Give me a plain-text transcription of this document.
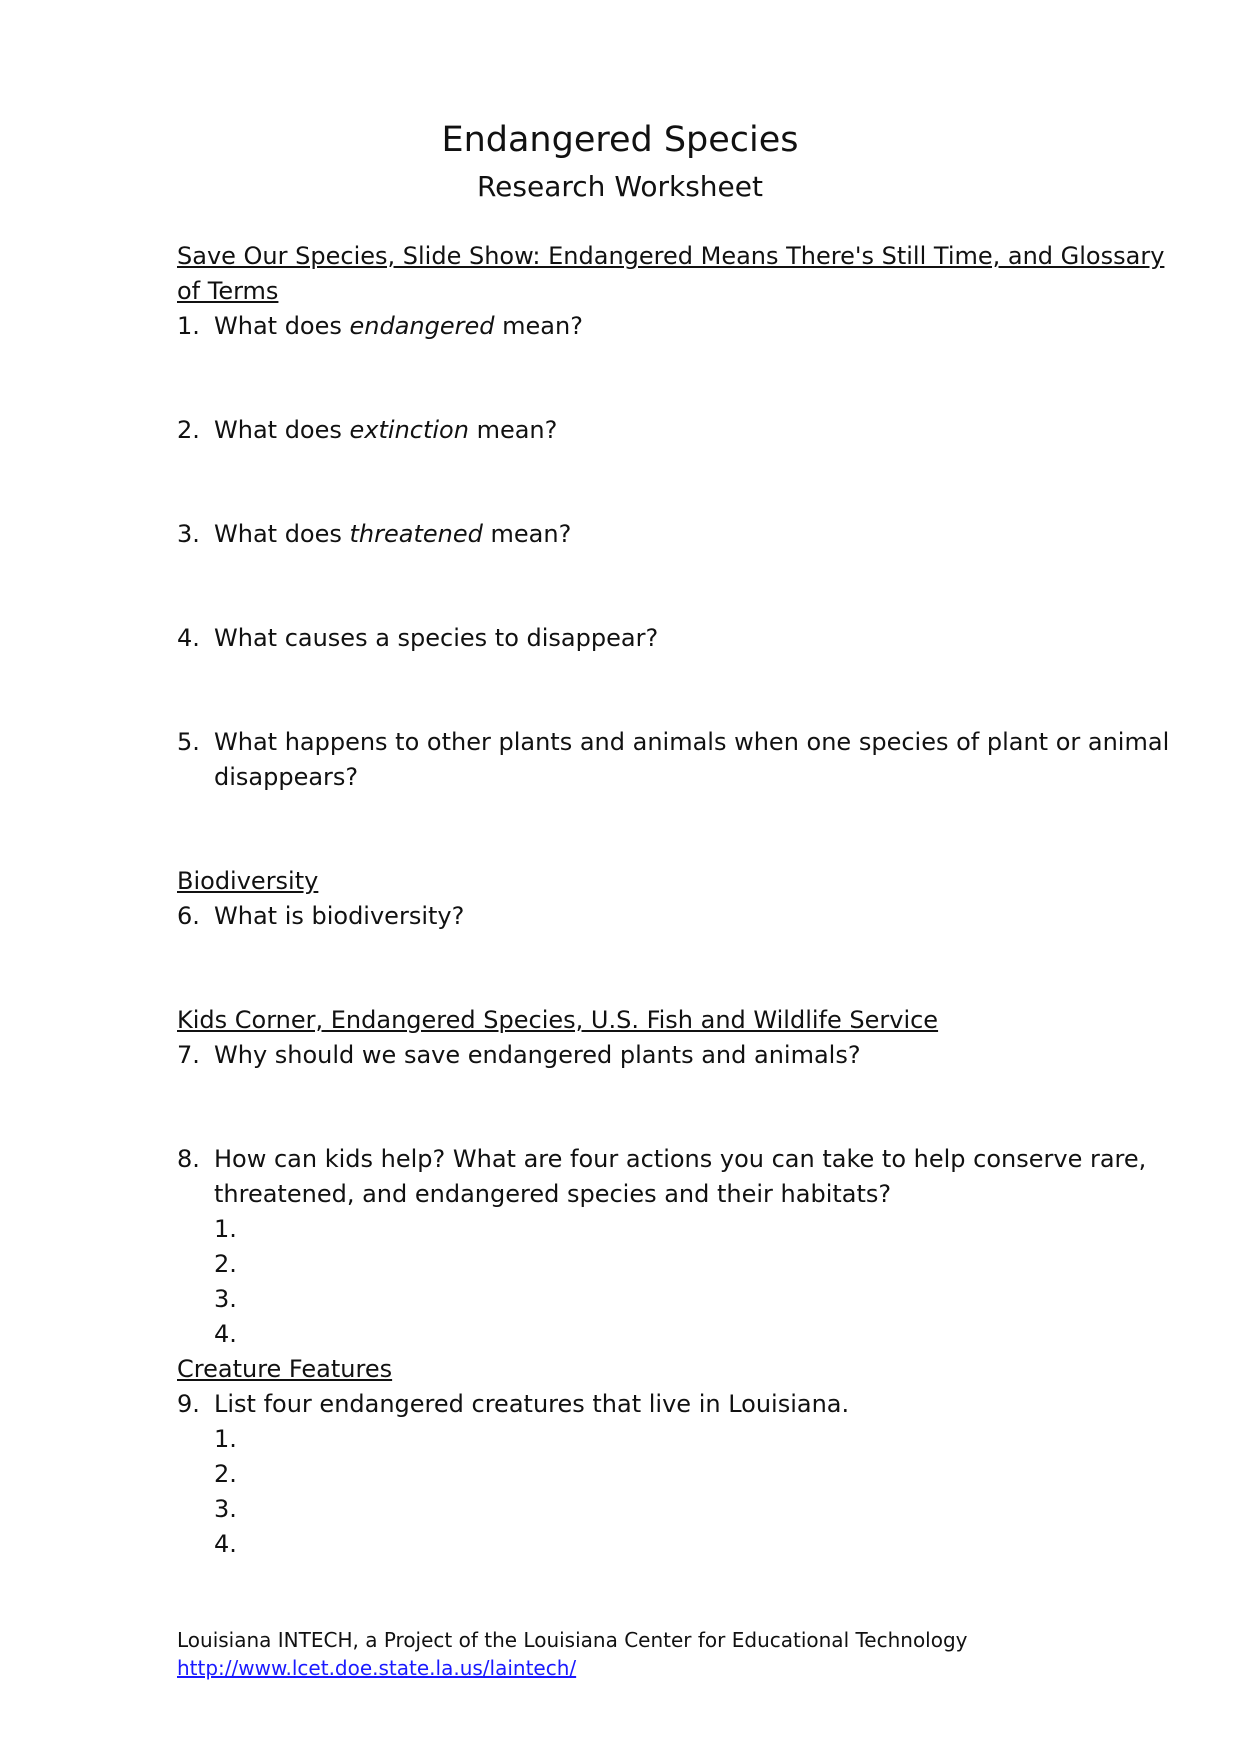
Endangered Species
Research Worksheet
Save Our Species, Slide Show: Endangered Means There's Still Time, and Glossary
of Terms
1. What does endangered mean?
2. What does extinction mean?
3. What does threatened mean?
4. What causes a species to disappear?
5. What happens to other plants and animals when one species of plant or animal
disappears?
Biodiversity
6. What is biodiversity?
Kids Corner, Endangered Species, U.S. Fish and Wildlife Service
7. Why should we save endangered plants and animals?
8. How can kids help? What are four actions you can take to help conserve rare,
threatened, and endangered species and their habitats?
1.
2.
3.
4.
Creature Features
9. List four endangered creatures that live in Louisiana.
1.
2.
3.
4.
Louisiana INTECH, a Project of the Louisiana Center for Educational Technology
http://www.lcet.doe.state.la.us/laintech/
